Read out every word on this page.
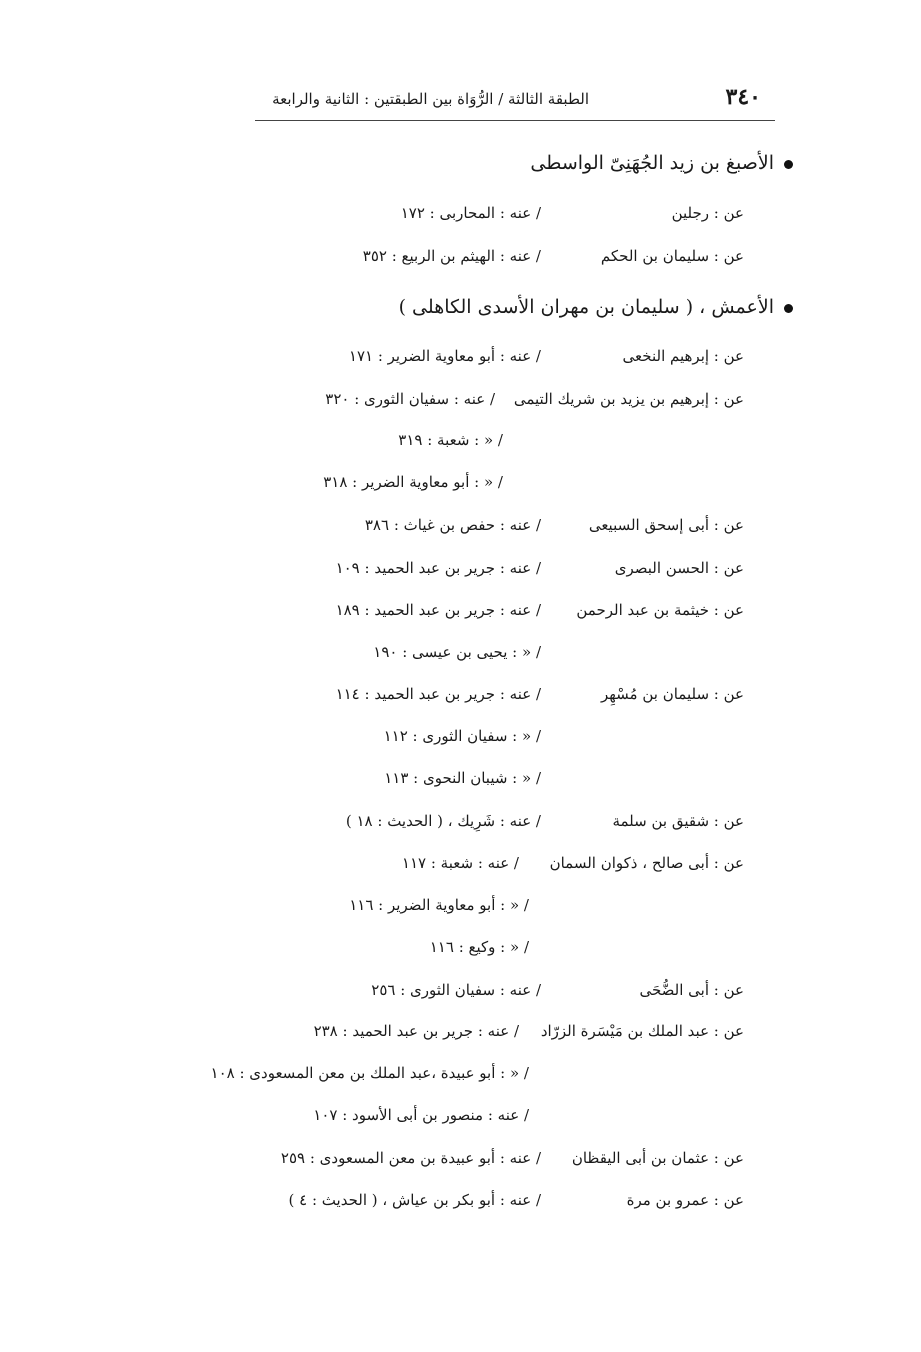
٣٤٠
الطبقة الثالثة / الرُّوَاة بين الطبقتين : الثانية والرابعة
الأصبغ بن زيد الجُهَنِىّ الواسطى
عن : رجلين
/ عنه : المحاربى : ١٧٢
عن : سليمان بن الحكم
/ عنه : الهيثم بن الربيع : ٣٥٢
الأعمش ، ( سليمان بن مهران الأسدى الكاهلى )
عن : إبرهيم النخعى
/ عنه : أبو معاوية الضرير : ١٧١
عن : إبرهيم بن يزيد بن شريك التيمى
/ عنه : سفيان الثورى : ٣٢٠
/ « : شعبة : ٣١٩
/ « : أبو معاوية الضرير : ٣١٨
عن : أبى إسحق السبيعى
/ عنه : حفص بن غياث : ٣٨٦
عن : الحسن البصرى
/ عنه : جرير بن عبد الحميد : ١٠٩
عن : خيثمة بن عبد الرحمن
/ عنه : جرير بن عبد الحميد : ١٨٩
/ « : يحيى بن عيسى : ١٩٠
عن : سليمان بن مُسْهِر
/ عنه : جرير بن عبد الحميد : ١١٤
/ « : سفيان الثورى : ١١٢
/ « : شيبان النحوى : ١١٣
عن : شقيق بن سلمة
/ عنه : شَرِيك ، ( الحديث : ١٨ )
عن : أبى صالح ، ذكوان السمان
/ عنه : شعبة : ١١٧
/ « : أبو معاوية الضرير : ١١٦
/ « : وكيع : ١١٦
عن : أبى الضُّحَى
/ عنه : سفيان الثورى : ٢٥٦
عن : عبد الملك بن مَيْسَرة الزرّاد
/ عنه : جرير بن عبد الحميد : ٢٣٨
/ « : أبو عبيدة ،عبد الملك بن معن المسعودى : ١٠٨
/ عنه : منصور بن أبى الأسود : ١٠٧
عن : عثمان بن أبى اليقظان
/ عنه : أبو عبيدة بن معن المسعودى : ٢٥٩
عن : عمرو بن مرة
/ عنه : أبو بكر بن عياش ، ( الحديث : ٤ )
